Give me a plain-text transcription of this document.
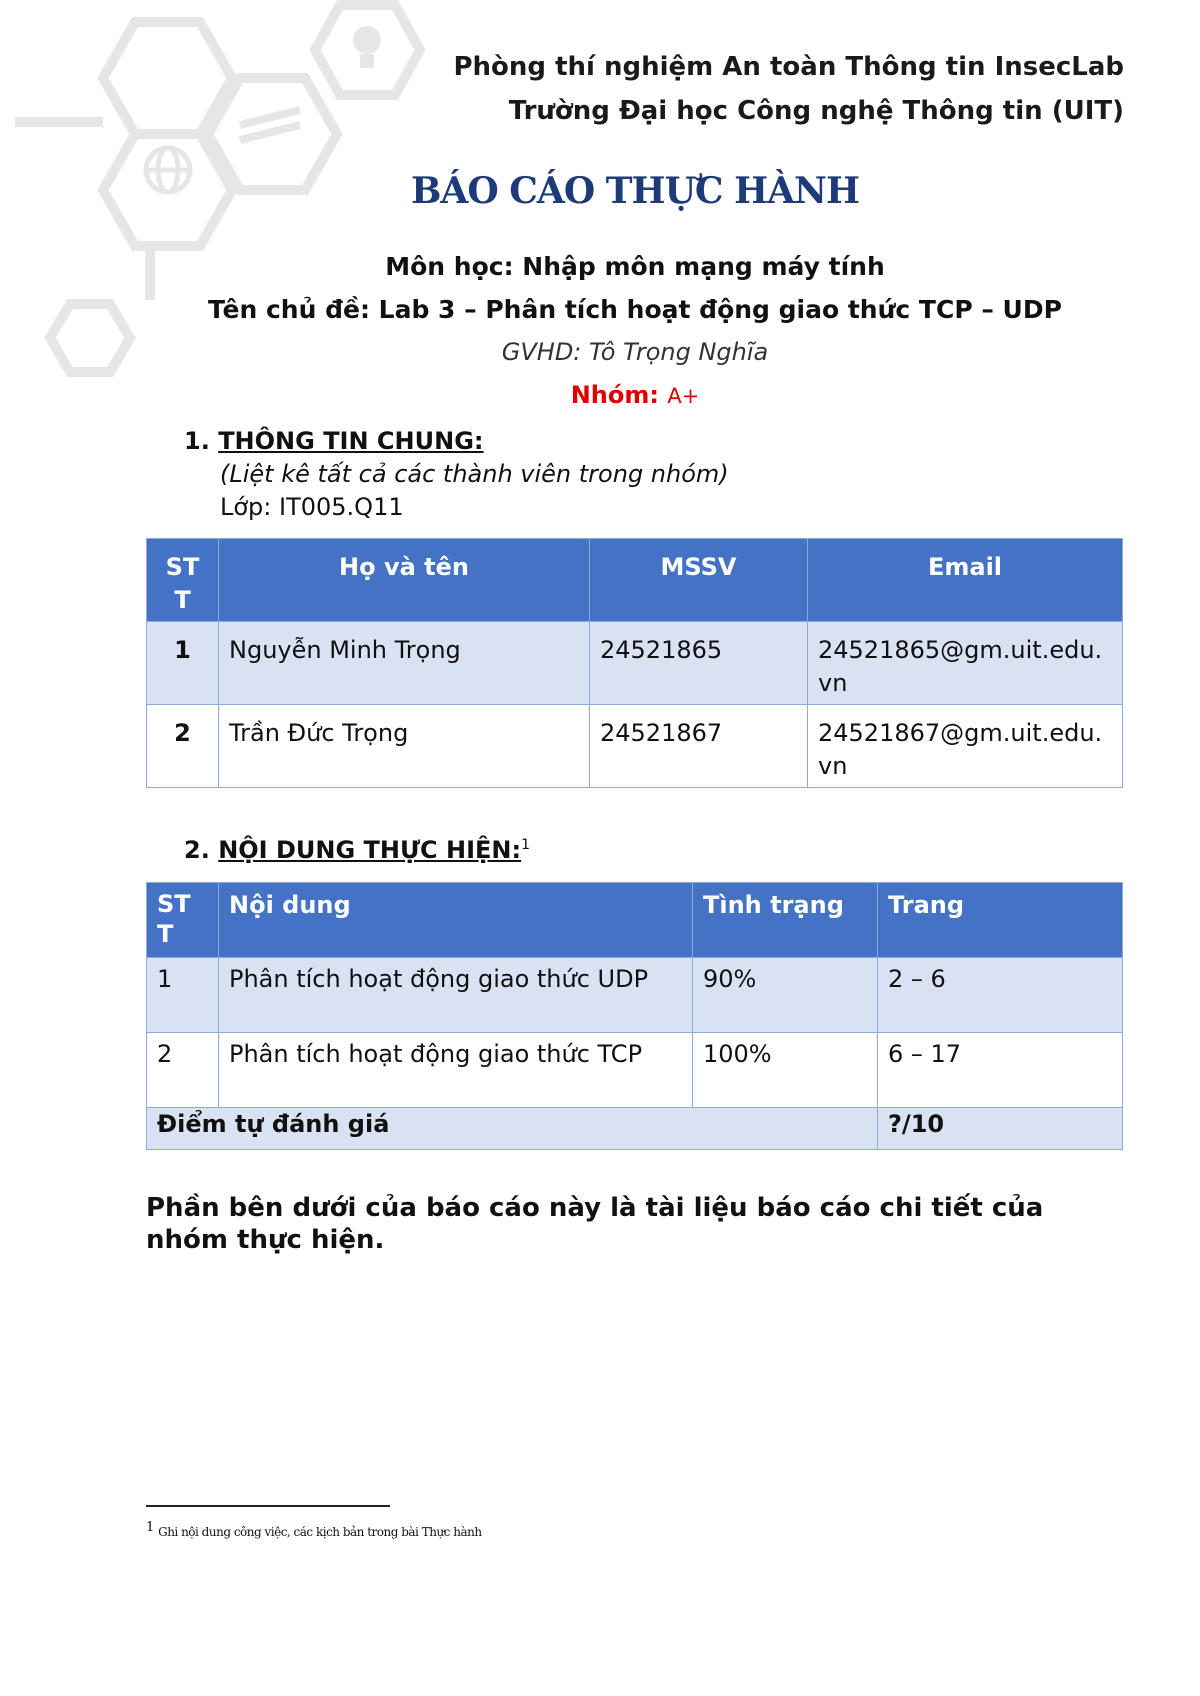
Phòng thí nghiệm An toàn Thông tin InsecLab
Trường Đại học Công nghệ Thông tin (UIT)
BÁO CÁO THỰC HÀNH
Môn học: Nhập môn mạng máy tính
Tên chủ đề: Lab 3 – Phân tích hoạt động giao thức TCP – UDP
GVHD: Tô Trọng Nghĩa
Nhóm: A+
1. THÔNG TIN CHUNG:
(Liệt kê tất cả các thành viên trong nhóm)
Lớp: IT005.Q11
ST T	Họ và tên	MSSV	Email
1	Nguyễn Minh Trọng	24521865	24521865@gm.uit.edu.vn
2	Trần Đức Trọng	24521867	24521867@gm.uit.edu.vn
2. NỘI DUNG THỰC HIỆN:$^1$
ST T	Nội dung	Tình trạng	Trang
1	Phân tích hoạt động giao thức UDP	90%	2 – 6
2	Phân tích hoạt động giao thức TCP	100%	6 – 17
Điểm tự đánh giá			?/10
Phần bên dưới của báo cáo này là tài liệu báo cáo chi tiết của nhóm thực hiện.
$^1$ Ghi nội dung công việc, các kịch bản trong bài Thực hành
